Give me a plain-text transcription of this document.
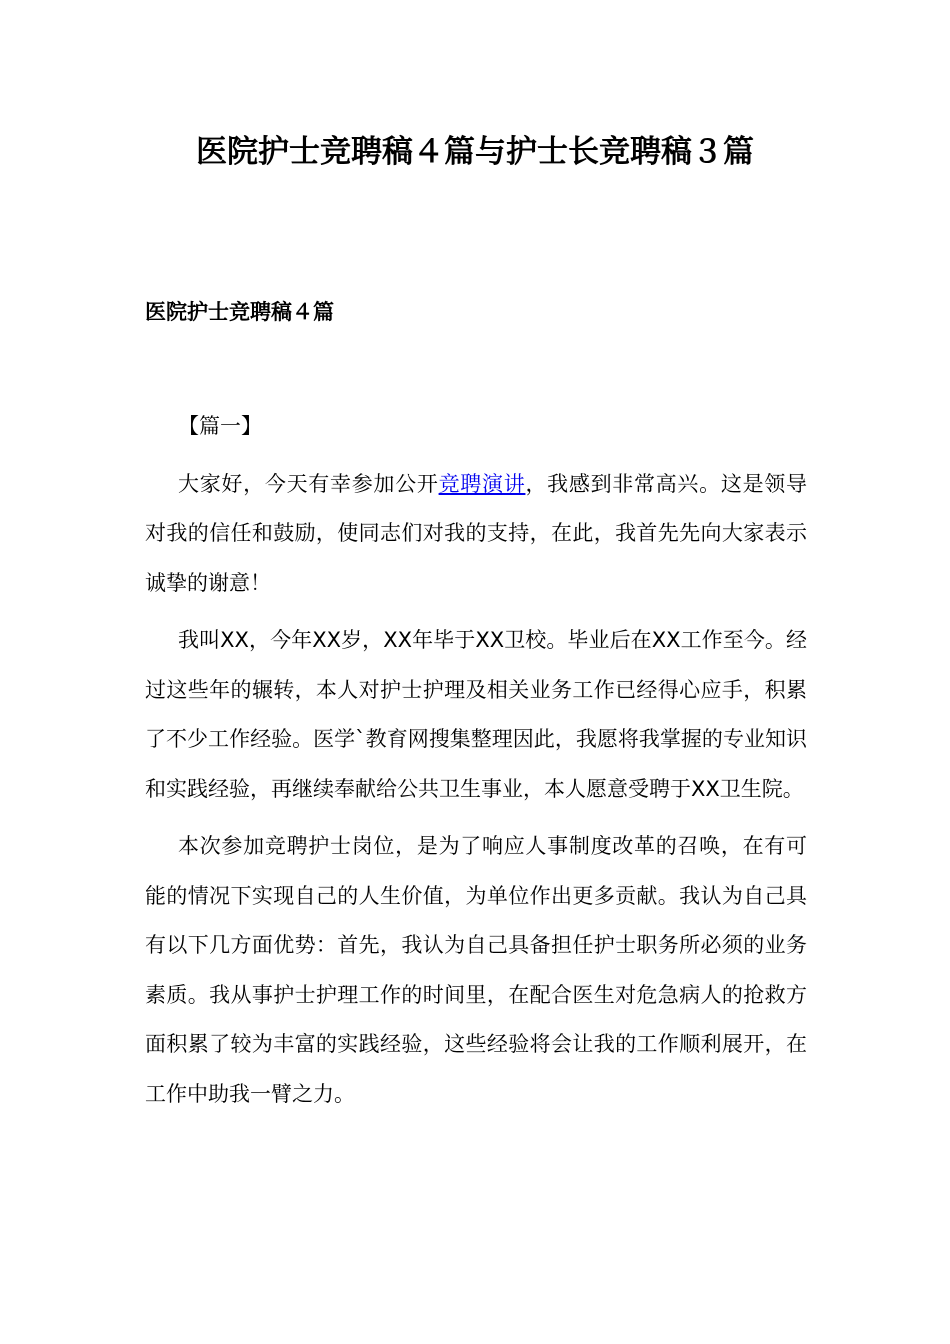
医院护士竞聘稿４篇与护士长竞聘稿３篇
医院护士竞聘稿４篇

【篇一】

大家好，今天有幸参加公开竞聘演讲，我感到非常高兴。这是领导对我的信任和鼓励，使同志们对我的支持，在此，我首先先向大家表示诚挚的谢意！

我叫XX，今年XX岁，XX年毕于XX卫校。毕业后在XX工作至今。经过这些年的辗转，本人对护士护理及相关业务工作已经得心应手，积累了不少工作经验。医学`教育网搜集整理因此，我愿将我掌握的专业知识和实践经验，再继续奉献给公共卫生事业，本人愿意受聘于XX卫生院。

本次参加竞聘护士岗位，是为了响应人事制度改革的召唤，在有可能的情况下实现自己的人生价值，为单位作出更多贡献。我认为自己具有以下几方面优势：首先，我认为自己具备担任护士职务所必须的业务素质。我从事护士护理工作的时间里，在配合医生对危急病人的抢救方面积累了较为丰富的实践经验，这些经验将会让我的工作顺利展开，在工作中助我一臂之力。
